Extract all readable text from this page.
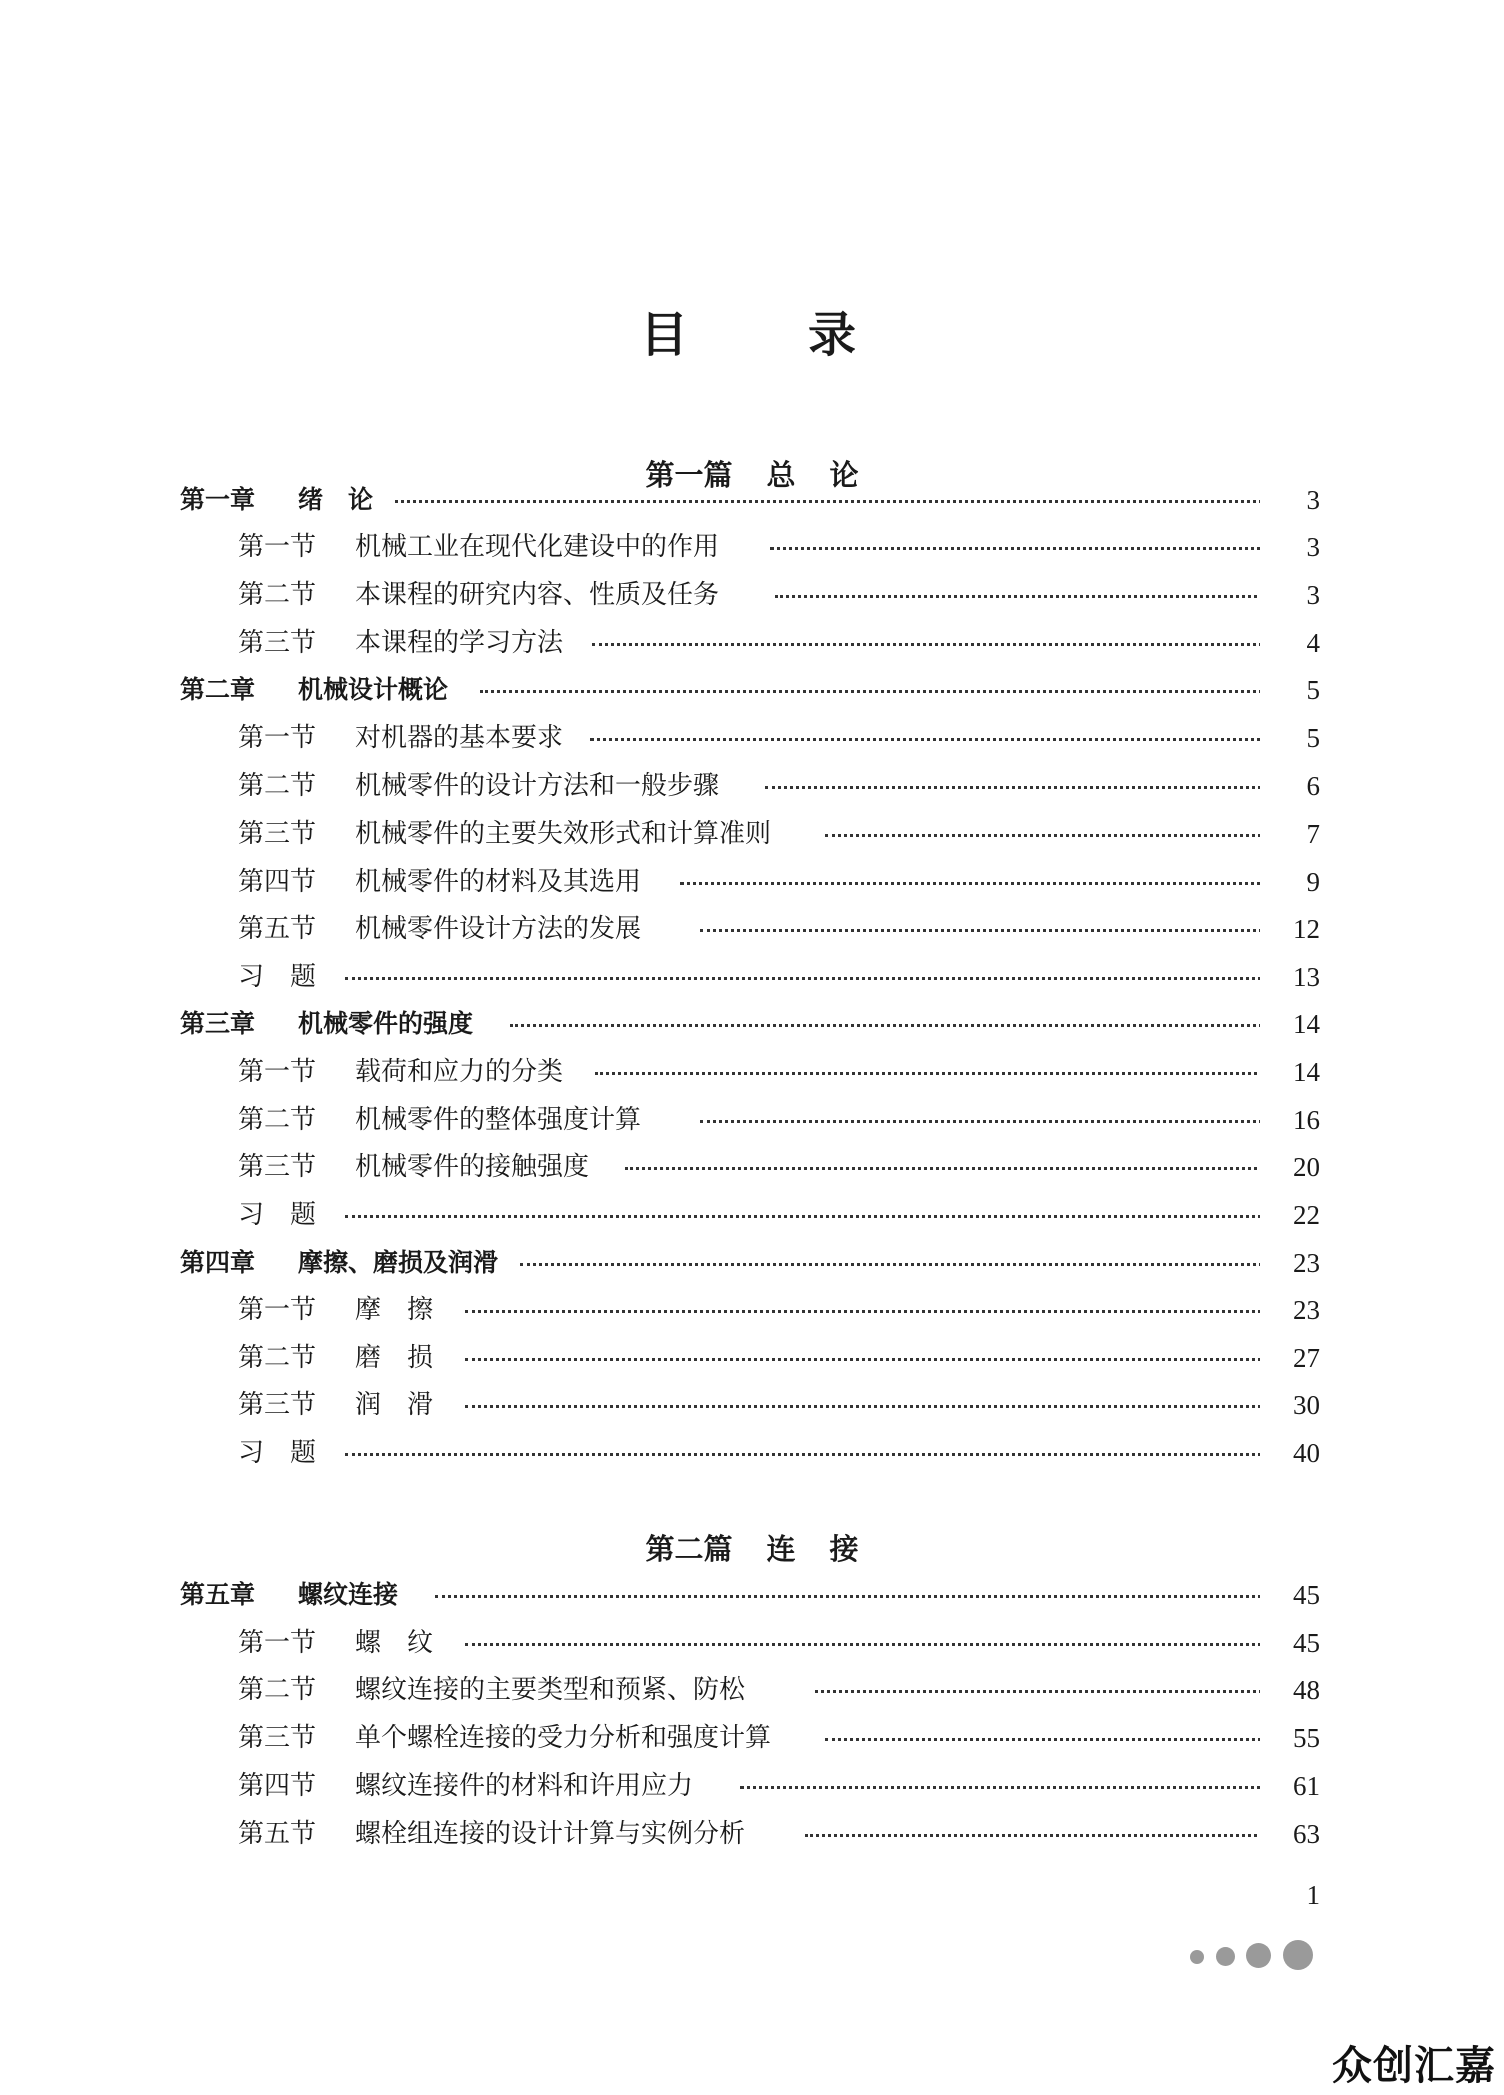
目 录
第一篇 总 论
第二篇 连 接
第一章 绪　论	3
第一节 机械工业在现代化建设中的作用	3
第二节 本课程的研究内容、性质及任务	3
第三节 本课程的学习方法	4
第二章 机械设计概论	5
第一节 对机器的基本要求	5
第二节 机械零件的设计方法和一般步骤	6
第三节 机械零件的主要失效形式和计算准则	7
第四节 机械零件的材料及其选用	9
第五节 机械零件设计方法的发展	12
习　题	13
第三章 机械零件的强度	14
第一节 载荷和应力的分类	14
第二节 机械零件的整体强度计算	16
第三节 机械零件的接触强度	20
习　题	22
第四章 摩擦、磨损及润滑	23
第一节 摩　擦	23
第二节 磨　损	27
第三节 润　滑	30
习　题	40
第五章 螺纹连接	45
第一节 螺　纹	45
第二节 螺纹连接的主要类型和预紧、防松	48
第三节 单个螺栓连接的受力分析和强度计算	55
第四节 螺纹连接件的材料和许用应力	61
第五节 螺栓组连接的设计计算与实例分析	63
1
众创汇嘉
